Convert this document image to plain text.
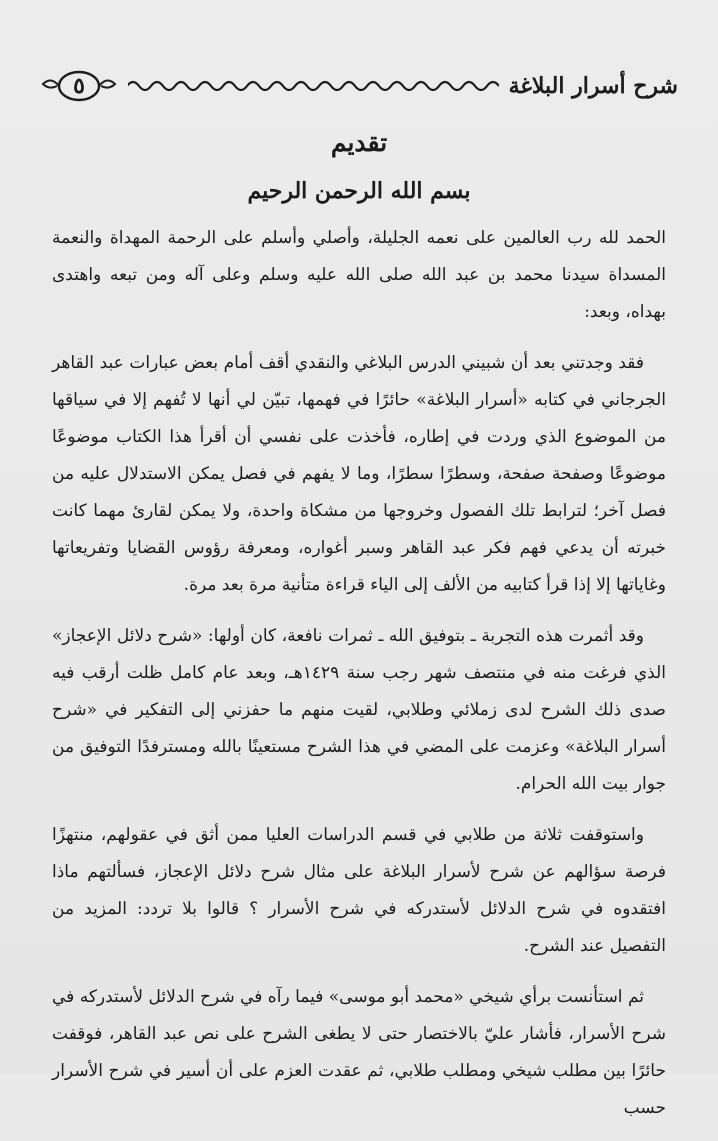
شرح أسرار البلاغة
٥
تقديم
بسم الله الرحمن الرحيم

الحمد لله رب العالمين على نعمه الجليلة، وأصلي وأسلم على الرحمة المهداة والنعمة المسداة سيدنا محمد بن عبد الله صلى الله عليه وسلم وعلى آله ومن تبعه واهتدى بهداه، وبعد:

فقد وجدتني بعد أن شبيني الدرس البلاغي والنقدي أقف أمام بعض عبارات عبد القاهر الجرجاني في كتابه «أسرار البلاغة» حائرًا في فهمها، تبيّن لي أنها لا تُفهم إلا في سياقها من الموضوع الذي وردت في إطاره، فأخذت على نفسي أن أقرأ هذا الكتاب موضوعًا موضوعًا وصفحة صفحة، وسطرًا سطرًا، وما لا يفهم في فصل يمكن الاستدلال عليه من فصل آخر؛ لترابط تلك الفصول وخروجها من مشكاة واحدة، ولا يمكن لقارئ مهما كانت خبرته أن يدعي فهم فكر عبد القاهر وسبر أغواره، ومعرفة رؤوس القضايا وتفريعاتها وغاياتها إلا إذا قرأ كتابيه من الألف إلى الياء قراءة متأنية مرة بعد مرة.

وقد أثمرت هذه التجربة ـ بتوفيق الله ـ ثمرات نافعة، كان أولها: «شرح دلائل الإعجاز» الذي فرغت منه في منتصف شهر رجب سنة ١٤٢٩هـ، وبعد عام كامل ظلت أرقب فيه صدى ذلك الشرح لدى زملائي وطلابي، لقيت منهم ما حفزني إلى التفكير في «شرح أسرار البلاغة» وعزمت على المضي في هذا الشرح مستعينًا بالله ومسترفدًا التوفيق من جوار بيت الله الحرام.

واستوقفت ثلاثة من طلابي في قسم الدراسات العليا ممن أثق في عقولهم، منتهزًا فرصة سؤالهم عن شرح لأسرار البلاغة على مثال شرح دلائل الإعجاز، فسألتهم ماذا افتقدوه في شرح الدلائل لأستدركه في شرح الأسرار ؟ قالوا بلا تردد: المزيد من التفصيل عند الشرح.

ثم استأنست برأي شيخي «محمد أبو موسى» فيما رآه في شرح الدلائل لأستدركه في شرح الأسرار، فأشار عليّ بالاختصار حتى لا يطغى الشرح على نص عبد القاهر، فوقفت حائرًا بين مطلب شيخي ومطلب طلابي، ثم عقدت العزم على أن أسير في شرح الأسرار حسب
